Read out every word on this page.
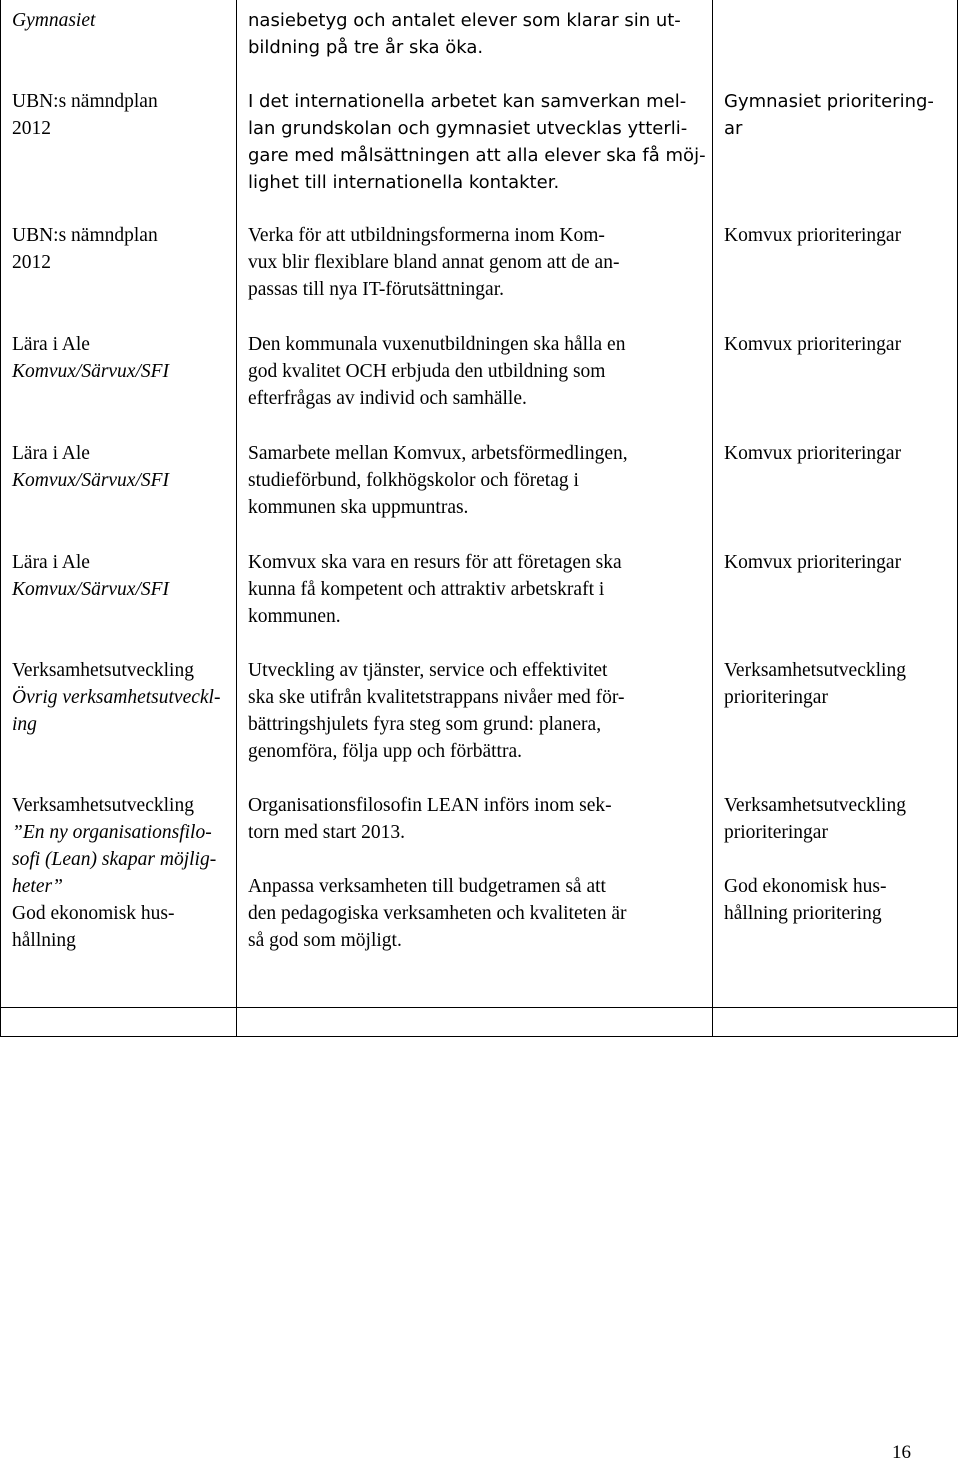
Gymnasiet	nasiebetyg och antalet elever som klarar sin ut-
bildning på tre år ska öka.
UBN:s nämndplan
2012
I det internationella arbetet kan samverkan mel-
lan grundskolan och gymnasiet utvecklas ytterli-
gare med målsättningen att alla elever ska få möj-
lighet till internationella kontakter.
Gymnasiet prioritering-
ar
UBN:s nämndplan
2012
Verka för att utbildningsformerna inom Kom-
vux blir flexiblare bland annat genom att de an-
passas till nya IT-förutsättningar.
Komvux prioriteringar
Lära i Ale
Komvux/Särvux/SFI
Den kommunala vuxenutbildningen ska hålla en
god kvalitet OCH erbjuda den utbildning som
efterfrågas av individ och samhälle.
Komvux prioriteringar
Lära i Ale
Komvux/Särvux/SFI
Samarbete mellan Komvux, arbetsförmedlingen,
studieförbund, folkhögskolor och företag i
kommunen ska uppmuntras.
Komvux prioriteringar
Lära i Ale
Komvux/Särvux/SFI
Komvux ska vara en resurs för att företagen ska
kunna få kompetent och attraktiv arbetskraft i
kommunen.
Komvux prioriteringar
Verksamhetsutveckling
Övrig verksamhetsutveckl-
ing
Utveckling av tjänster, service och effektivitet
ska ske utifrån kvalitetstrappans nivåer med för-
bättringshjulets fyra steg som grund: planera,
genomföra, följa upp och förbättra.
Verksamhetsutveckling
prioriteringar
Verksamhetsutveckling
”En ny organisationsfilo-
sofi (Lean) skapar möjlig-
heter”
God ekonomisk hus-
hållning
Organisationsfilosofin LEAN införs inom sek-
torn med start 2013.
Anpassa verksamheten till budgetramen så att
den pedagogiska verksamheten och kvaliteten är
så god som möjligt.
Verksamhetsutveckling
prioriteringar
God ekonomisk hus-
hållning prioritering
16
